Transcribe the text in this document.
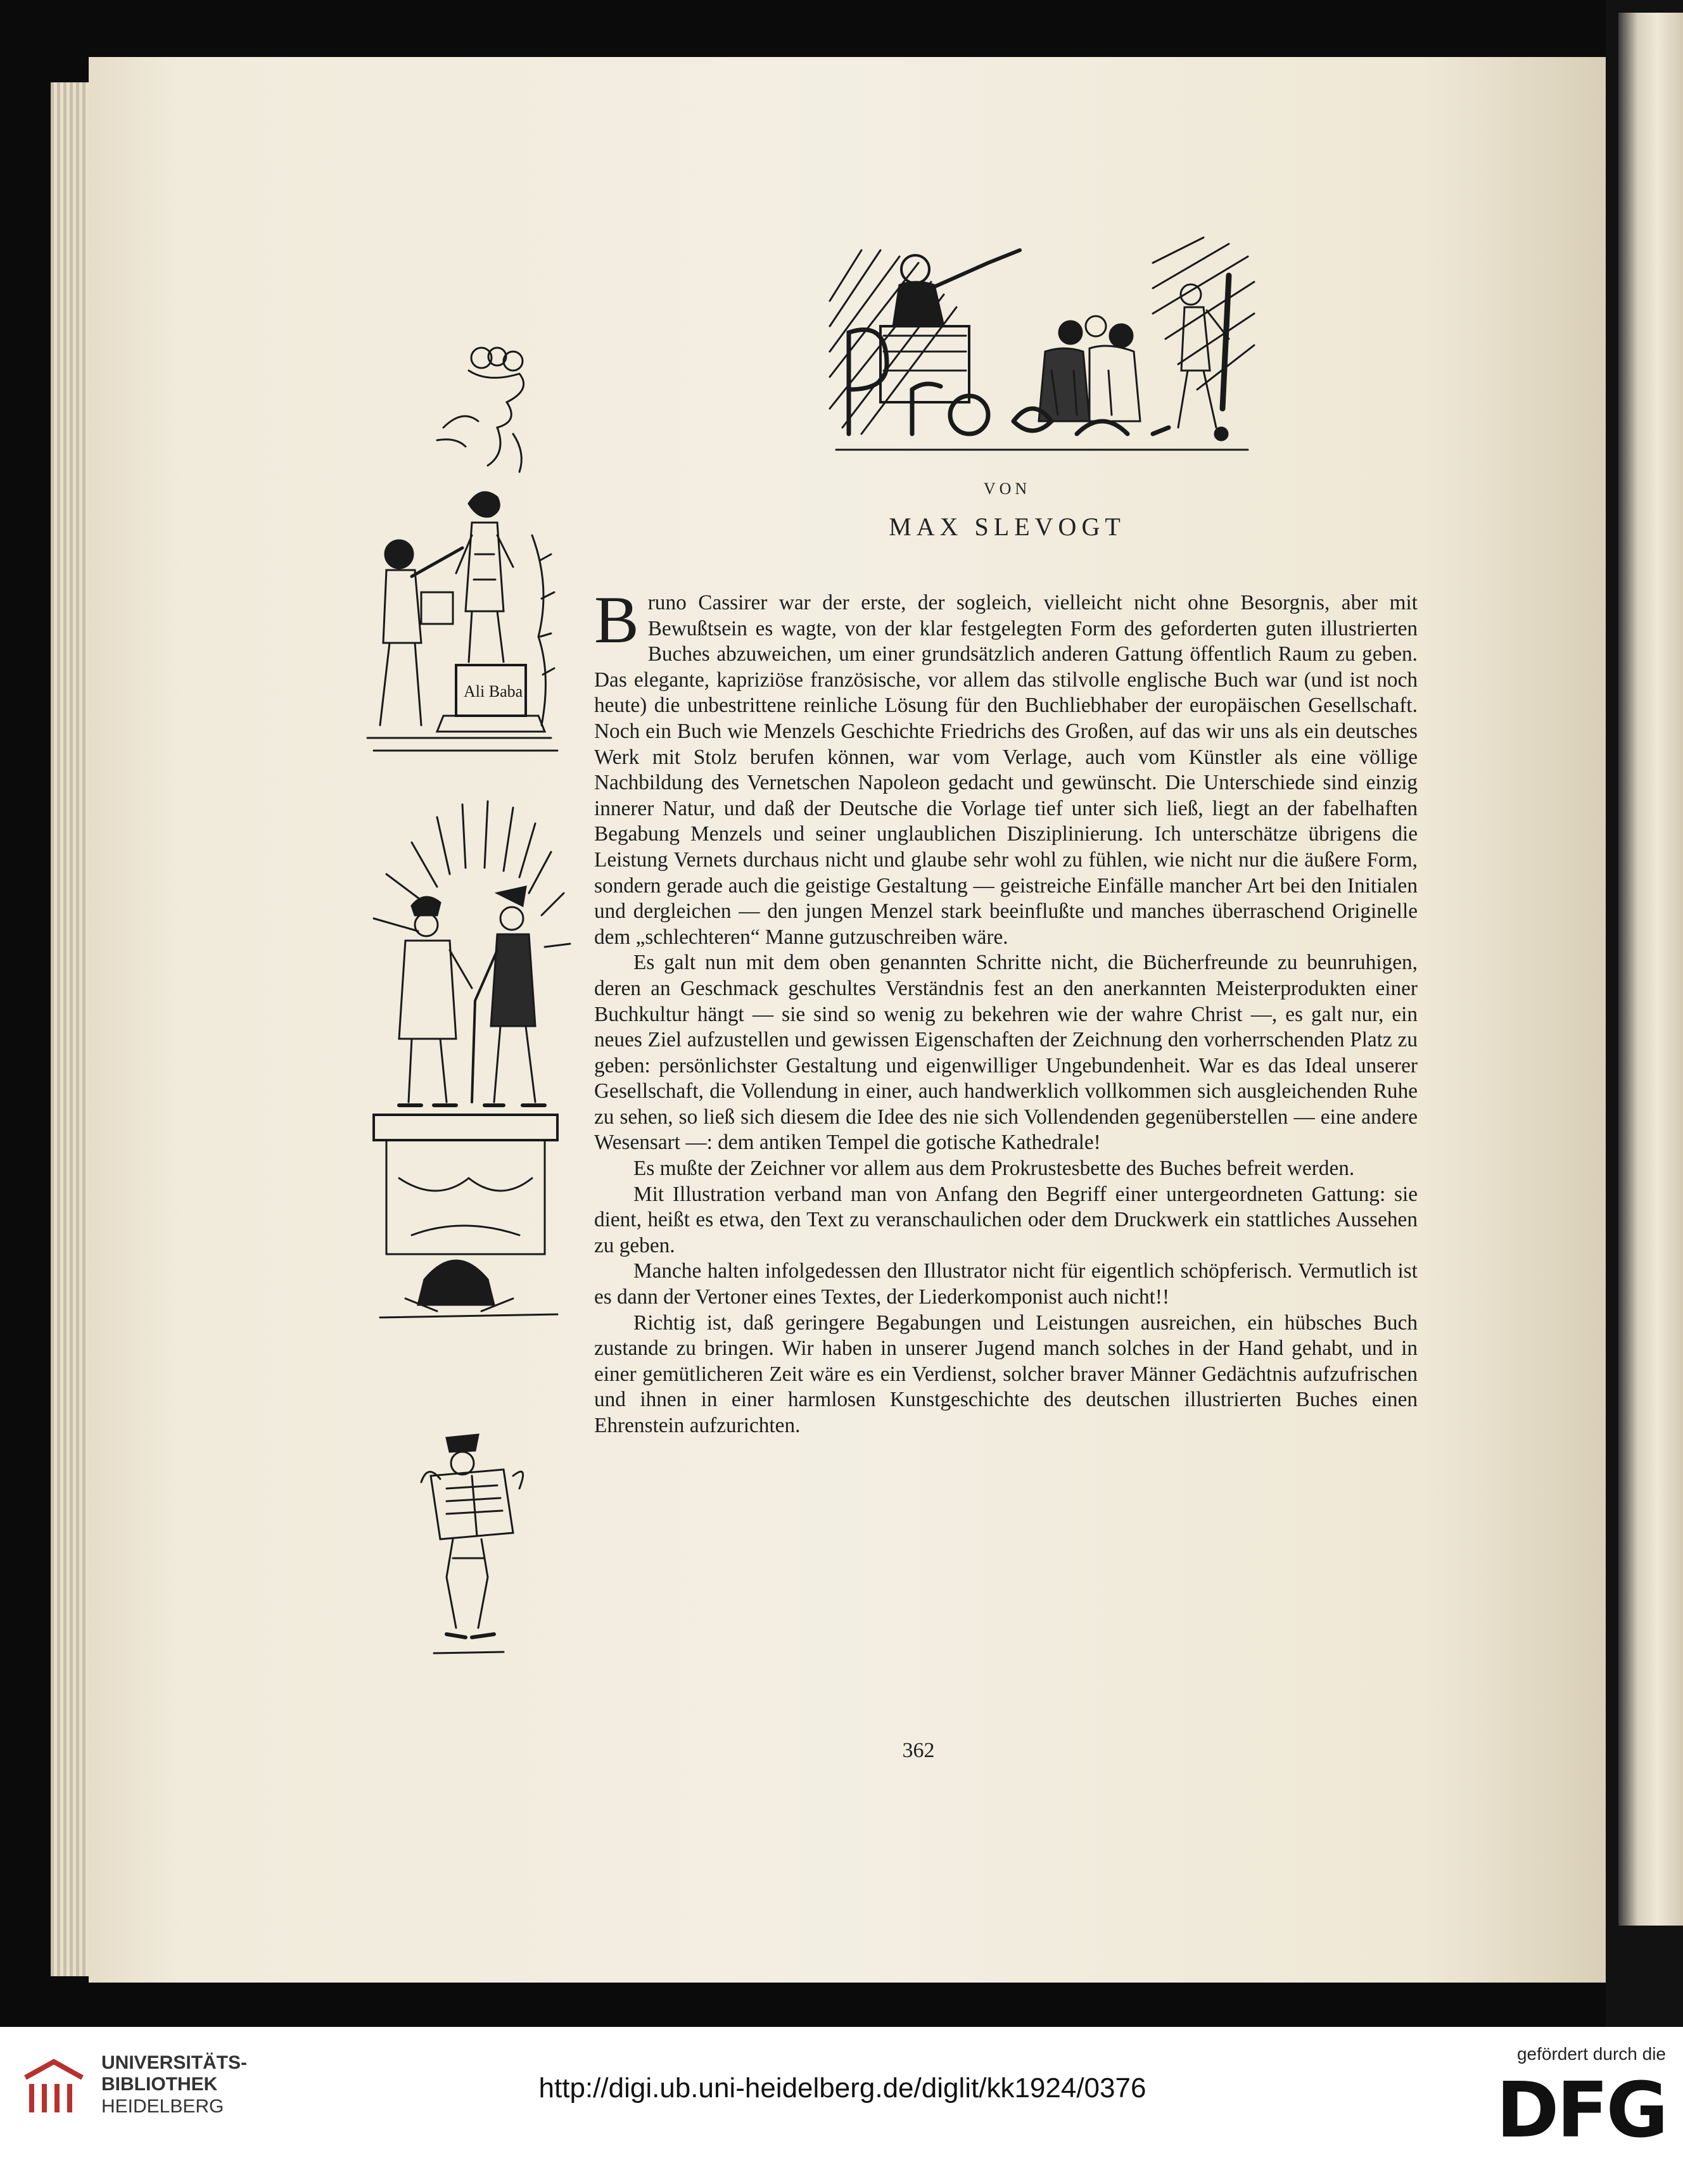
Ali Baba
VON
MAX SLEVOGT

Bruno Cassirer war der erste, der sogleich, vielleicht nicht ohne Besorgnis, aber mit Bewußtsein es wagte, von der klar festgelegten Form des geforderten guten illustrierten Buches abzuweichen, um einer grundsätzlich anderen Gattung öffentlich Raum zu geben. Das elegante, kapriziöse französische, vor allem das stilvolle englische Buch war (und ist noch heute) die unbestrittene reinliche Lösung für den Buchliebhaber der europäischen Gesellschaft. Noch ein Buch wie Menzels Geschichte Friedrichs des Großen, auf das wir uns als ein deutsches Werk mit Stolz berufen können, war vom Verlage, auch vom Künstler als eine völlige Nachbildung des Vernetschen Napoleon gedacht und gewünscht. Die Unterschiede sind einzig innerer Natur, und daß der Deutsche die Vorlage tief unter sich ließ, liegt an der fabelhaften Begabung Menzels und seiner unglaublichen Disziplinierung. Ich unterschätze übrigens die Leistung Vernets durchaus nicht und glaube sehr wohl zu fühlen, wie nicht nur die äußere Form, sondern gerade auch die geistige Gestaltung — geistreiche Einfälle mancher Art bei den Initialen und dergleichen — den jungen Menzel stark beeinflußte und manches überraschend Originelle dem „schlechteren“ Manne gutzuschreiben wäre.

Es galt nun mit dem oben genannten Schritte nicht, die Bücherfreunde zu beunruhigen, deren an Geschmack geschultes Verständnis fest an den anerkannten Meisterprodukten einer Buchkultur hängt — sie sind so wenig zu bekehren wie der wahre Christ —, es galt nur, ein neues Ziel aufzustellen und gewissen Eigenschaften der Zeichnung den vorherrschenden Platz zu geben: persönlichster Gestaltung und eigenwilliger Ungebundenheit. War es das Ideal unserer Gesellschaft, die Vollendung in einer, auch handwerklich vollkommen sich ausgleichenden Ruhe zu sehen, so ließ sich diesem die Idee des nie sich Vollendenden gegenüberstellen — eine andere Wesensart —: dem antiken Tempel die gotische Kathedrale!

Es mußte der Zeichner vor allem aus dem Prokrustesbette des Buches befreit werden.

Mit Illustration verband man von Anfang den Begriff einer untergeordneten Gattung: sie dient, heißt es etwa, den Text zu veranschaulichen oder dem Druckwerk ein stattliches Aussehen zu geben.

Manche halten infolgedessen den Illustrator nicht für eigentlich schöpferisch. Vermutlich ist es dann der Vertoner eines Textes, der Liederkomponist auch nicht!!

Richtig ist, daß geringere Begabungen und Leistungen ausreichen, ein hübsches Buch zustande zu bringen. Wir haben in unserer Jugend manch solches in der Hand gehabt, und in einer gemütlicheren Zeit wäre es ein Verdienst, solcher braver Männer Gedächtnis aufzufrischen und ihnen in einer harmlosen Kunstgeschichte des deutschen illustrierten Buches einen Ehrenstein aufzurichten.

362
UNIVERSITÄTS-
BIBLIOTHEK
HEIDELBERG
http://digi.ub.uni-heidelberg.de/diglit/kk1924/0376
gefördert durch die
DFG
